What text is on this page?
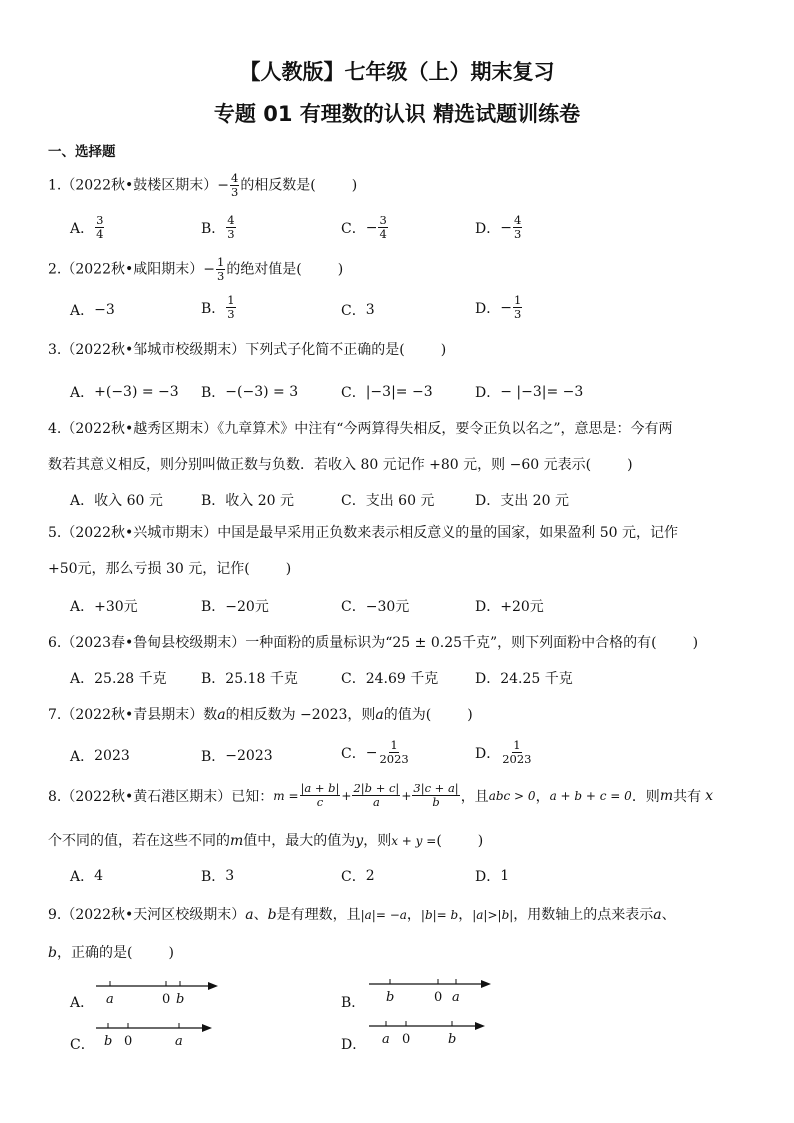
【人教版】七年级（上）期末复习
专题 01 有理数的认识 精选试题训练卷
一、选择题
1.（2022秋•鼓楼区期末）− $\frac{4}{3}$ 的相反数是(	)
A． $\frac{3}{4}$	B． $\frac{4}{3}$	C． − $\frac{3}{4}$	D． − $\frac{4}{3}$
2.（2022秋•咸阳期末）− $\frac{1}{3}$ 的绝对值是(	)
A． −3	B． $\frac{1}{3}$	C． 3	D． − $\frac{1}{3}$
3.（2022秋•邹城市校级期末）下列式子化简不正确的是(	)
A． +(−3) = −3 B． −(−3) = 3	C． |−3|= −3	D． − |−3|= −3
4.（2022秋•越秀区期末）《九章算术》中注有“今两算得失相反，要令正负以名之”，意思是：今有两
数若其意义相反，则分别叫做正数与负数．若收入 80 元记作 +80 元，则 −60 元表示(	)
A． 收入 60 元	B． 收入 20 元	C． 支出 60 元	D． 支出 20 元
5.（2022秋•兴城市期末）中国是最早采用正负数来表示相反意义的量的国家，如果盈利 50 元，记作
+50元，那么亏损 30 元，记作(	)
A． +30元	B． −20元	C． −30元	D． +20元
6.（2023春•鲁甸县校级期末）一种面粉的质量标识为“25 ± 0.25千克”，则下列面粉中合格的有(	)
A． 25.28 千克 B． 25.18 千克	C． 24.69 千克	D． 24.25 千克
7.（2022秋•青县期末）数a的相反数为 −2023，则a的值为(	)
A． 2023	B． −2023	C． − $\frac{1}{2023}$	D． $\frac{1}{2023}$
8.（2022秋•黄石港区期末）已知： $m = \frac{|a + b|}{c} + \frac{2|b + c|}{a} + \frac{3|c + a|}{b}$ ，且 abc > 0 ， a + b + c = 0 ．则 m 共有 x
个不同的值，若在这些不同的m值中，最大的值为y，则x + y =(	)
A． 4	B． 3	C． 2	D． 1
9.（2022秋•天河区校级期末）a、b是有理数，且|a|= −a，|b|= b，|a|>|b|，用数轴上的点来表示a、
b，正确的是(	)
A． a	0 b	B． b	0 a
C． b 0	a	D． a 0	b
